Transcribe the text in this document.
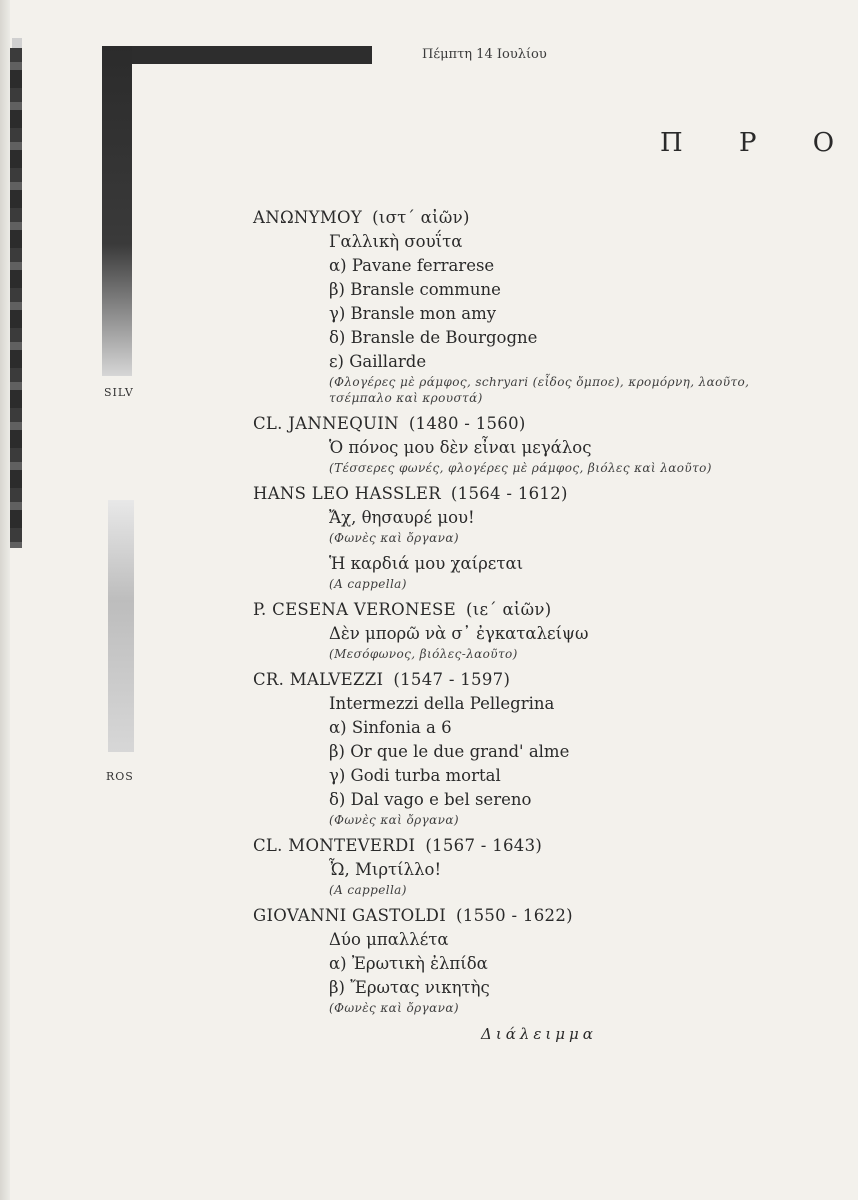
SILV
ROS
Πέμπτη 14 Ιουλίου
Π Ρ Ο
ΑΝΩΝΥΜΟΥ (ιστ΄ αἰῶν)
Γαλλικὴ σουΐτα
α) Pavane ferrarese
β) Bransle commune
γ) Bransle mon amy
δ) Bransle de Bourgogne
ε) Gaillarde
(Φλογέρες μὲ ράμφος, schryari (εἶδος ὄμποε), κρομόρνη, λαοῦτο, τσέμπαλο καὶ κρουστά)
CL. JANNEQUIN (1480 - 1560)
Ὁ πόνος μου δὲν εἶναι μεγάλος
(Τέσσερες φωνές, φλογέρες μὲ ράμφος, βιόλες καὶ λαοῦτο)
HANS LEO HASSLER (1564 - 1612)
Ἄχ, θησαυρέ μου!
(Φωνὲς καὶ ὄργανα)
Ἡ καρδιά μου χαίρεται
(A cappella)
P. CESENA VERONESE (ιε΄ αἰῶν)
Δὲν μπορῶ νὰ σ᾿ ἐγκαταλείψω
(Μεσόφωνος, βιόλες-λαοῦτο)
CR. MALVEZZI (1547 - 1597)
Intermezzi della Pellegrina
α) Sinfonia a 6
β) Or que le due grand' alme
γ) Godi turba mortal
δ) Dal vago e bel sereno
(Φωνὲς καὶ ὄργανα)
CL. MONTEVERDI (1567 - 1643)
Ὦ, Μιρτίλλο!
(A cappella)
GIOVANNI GASTOLDI (1550 - 1622)
Δύο μπαλλέτα
α) Ἐρωτικὴ ἐλπίδα
β) Ἔρωτας νικητὴς
(Φωνὲς καὶ ὄργανα)
Διάλειμμα
